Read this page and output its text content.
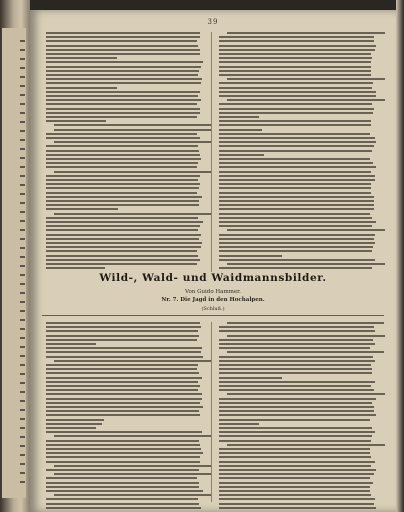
39
Wild-, Wald- und Waidmannsbilder.
Von Guido Hammer.
Nr. 7. Die Jagd in den Hochalpen.
(Schluß.)
